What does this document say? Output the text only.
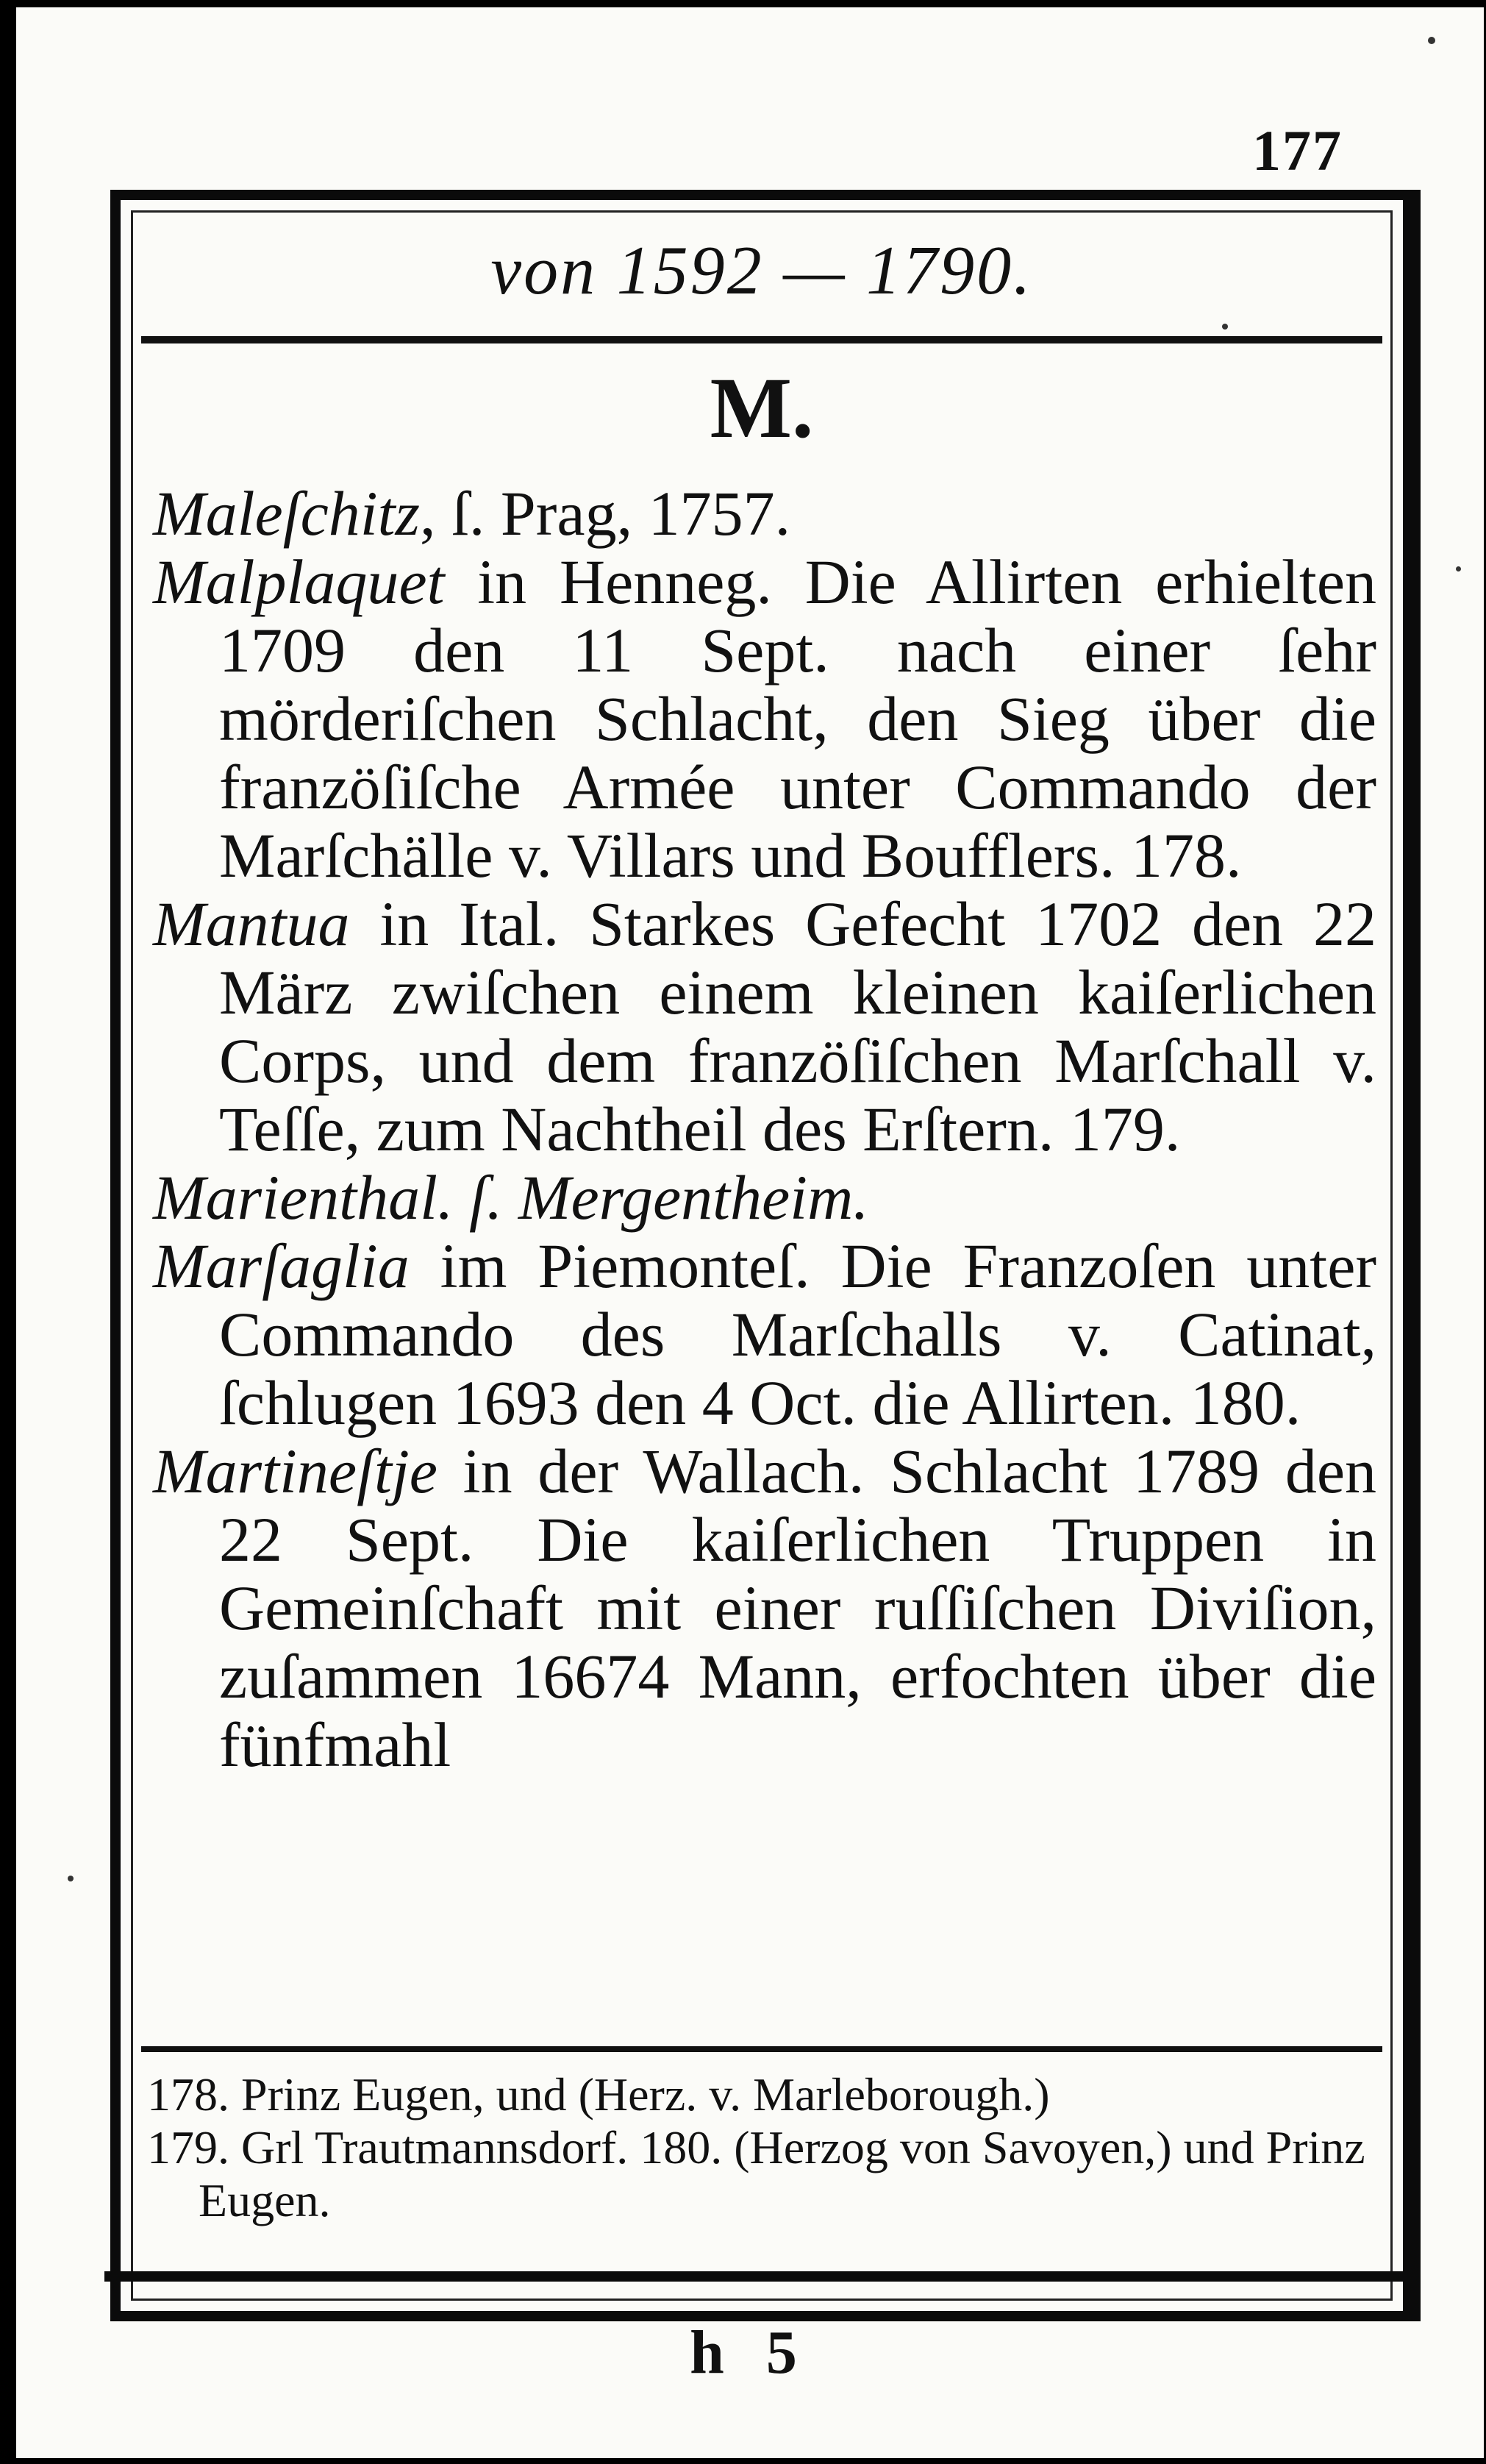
177
von 1592 — 1790.
M.

Maleſchitz, ſ. Prag, 1757.

Malplaquet in Henneg. Die Allirten erhielten 1709 den 11 Sept. nach einer ſehr mörderiſchen Schlacht, den Sieg über die franzöſiſche Armée unter Commando der Marſchälle v. Villars und Boufflers. 178.

Mantua in Ital. Starkes Gefecht 1702 den 22 März zwiſchen einem kleinen kaiſerlichen Corps, und dem franzöſiſchen Marſchall v. Teſſe, zum Nachtheil des Erſtern. 179.

Marienthal. ſ. Mergentheim.

Marſaglia im Piemonteſ. Die Franzoſen unter Commando des Marſchalls v. Catinat, ſchlugen 1693 den 4 Oct. die Allirten. 180.

Martineſtje in der Wallach. Schlacht 1789 den 22 Sept. Die kaiſerlichen Truppen in Gemeinſchaft mit einer ruſſiſchen Diviſion, zuſammen 16674 Mann, erfochten über die fünfmahl

178. Prinz Eugen, und (Herz. v. Marleborough.)

179. Grl Trautmannsdorf. 180. (Herzog von Savoyen,) und Prinz Eugen.

h 5
